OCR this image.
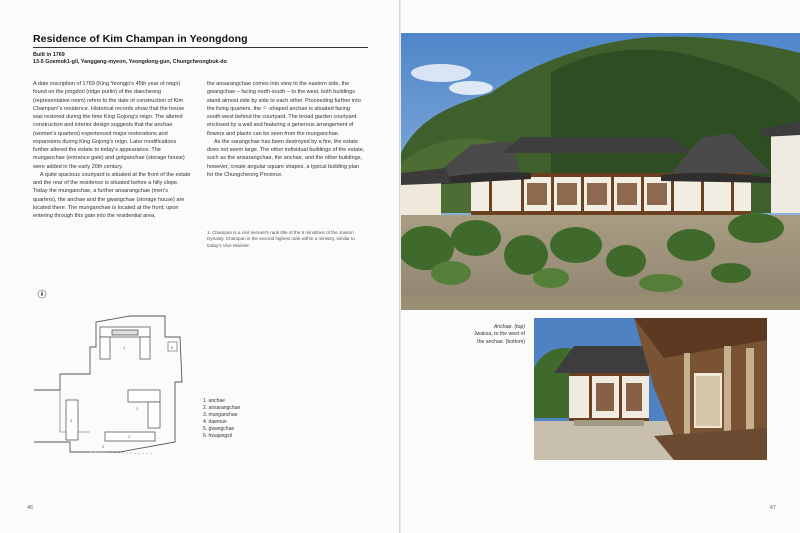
Residence of Kim Champan in Yeongdong
Built in 1769
13-5 Goemok1-gil, Yanggang-myeon, Yeongdong-gun, Chungcheongbuk-do

A date inscription of 1769 (King Yeongjo's 45th year of reign) found on the jongdori (ridge purlin) of the daecheong (representative room) refers to the date of construction of Kim Champan¹'s residence. Historical records show that the house was restored during the time King Gojong's reign. The altered construction and interior design suggests that the anchae (women's quarters) experienced major restorations and expansions during King Gojong's reign. Later modifications further altered the estate to today's appearance. The munganchae (entrance gate) and gotganchae (storage house) were added in the early 20th century.

A quite spacious courtyard is situated at the front of the estate and the rear of the residence is situated before a hilly slope. Today the munganchae, a further ansarangchae (men's quarters), the anchae and the gwangchae (storage house) are located there. The munganchae is located at the front; upon entering through this gate into the residential area,

the ansarangchae comes into view to the eastern side, the gwangchae – facing north-south – to the west, both buildings stand almost side by side to each other. Proceeding further into the living quarters, the ㄷ-shaped anchae is situated facing south-west behind the courtyard. The broad garden courtyard enclosed by a wall and featuring a generous arrangement of flowers and plants can be seen from the munganchae.

As the sarangchae has been destroyed by a fire, the estate does not seem large. The other individual buildings of the estate, such as the ansarangchae, the anchae, and the other buildings, however, create angular square shapes, a typical building plan for the Chungcheong Province.

1. Champan is a civil servant's rank title of the 6 ministries of the Joseon Dynasty. Champan is the second highest rank within a ministry, similar to today's Vice Minister.
1
2
3
4
5
6
1. anchae
2. ansarangchae
3. munganchae
4. daemun
5. gwangchae
6. hwajangsil
46
Anchae. (top)
Jwaksa, to the west of the anchae. (bottom)
47
